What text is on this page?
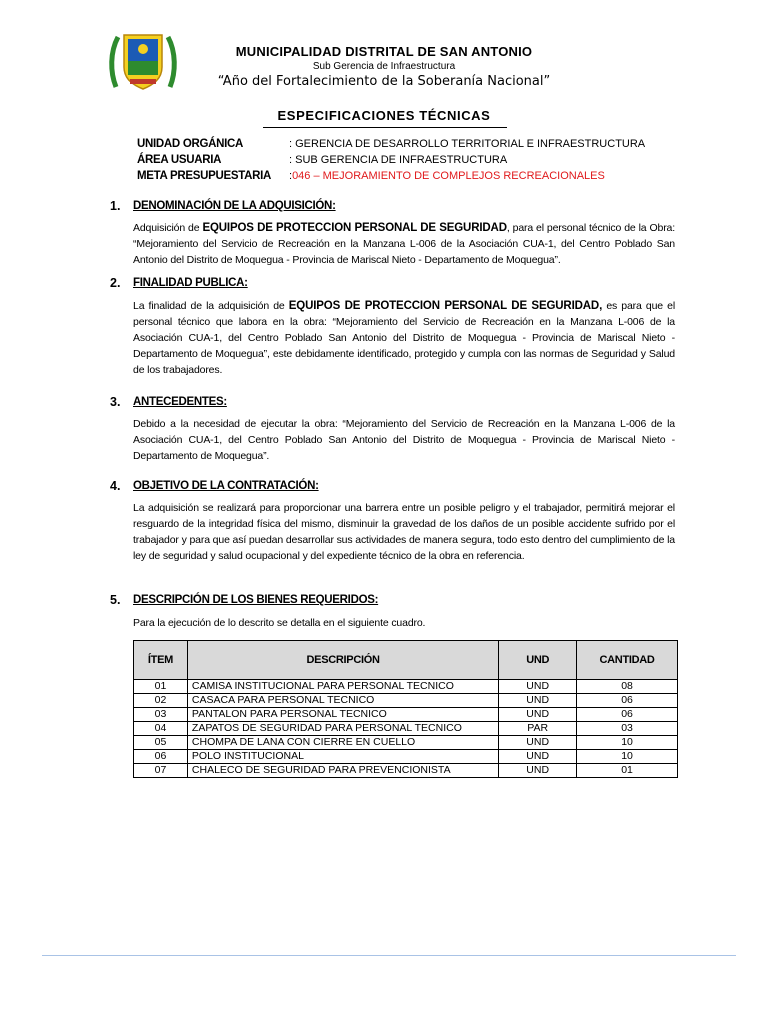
MUNICIPALIDAD DISTRITAL DE SAN ANTONIO
Sub Gerencia de Infraestructura
“Año del Fortalecimiento de la Soberanía Nacional”
ESPECIFICACIONES TÉCNICAS
UNIDAD ORGÁNICA	: GERENCIA DE DESARROLLO TERRITORIAL E INFRAESTRUCTURA
ÁREA USUARIA	: SUB GERENCIA DE INFRAESTRUCTURA
META PRESUPUESTARIA :046 – MEJORAMIENTO DE COMPLEJOS RECREACIONALES
1. DENOMINACIÓN DE LA ADQUISICIÓN:
Adquisición de EQUIPOS DE PROTECCION PERSONAL DE SEGURIDAD, para el personal técnico de la Obra: “Mejoramiento del Servicio de Recreación en la Manzana L-006 de la Asociación CUA-1, del Centro Poblado San Antonio del Distrito de Moquegua - Provincia de Mariscal Nieto - Departamento de Moquegua”.
2. FINALIDAD PUBLICA:
La finalidad de la adquisición de EQUIPOS DE PROTECCION PERSONAL DE SEGURIDAD, es para que el personal técnico que labora en la obra: “Mejoramiento del Servicio de Recreación en la Manzana L-006 de la Asociación CUA-1, del Centro Poblado San Antonio del Distrito de Moquegua - Provincia de Mariscal Nieto - Departamento de Moquegua”, este debidamente identificado, protegido y cumpla con las normas de Seguridad y Salud de los trabajadores.
3. ANTECEDENTES:
Debido a la necesidad de ejecutar la obra: “Mejoramiento del Servicio de Recreación en la Manzana L-006 de la Asociación CUA-1, del Centro Poblado San Antonio del Distrito de Moquegua - Provincia de Mariscal Nieto - Departamento de Moquegua”.
4. OBJETIVO DE LA CONTRATACIÓN:
La adquisición se realizará para proporcionar una barrera entre un posible peligro y el trabajador, permitirá mejorar el resguardo de la integridad física del mismo, disminuir la gravedad de los daños de un posible accidente sufrido por el trabajador y para que así puedan desarrollar sus actividades de manera segura, todo esto dentro del cumplimiento de la ley de seguridad y salud ocupacional y del expediente técnico de la obra en referencia.
5. DESCRIPCIÓN DE LOS BIENES REQUERIDOS:
Para la ejecución de lo descrito se detalla en el siguiente cuadro.
ÍTEM	DESCRIPCIÓN	UND	CANTIDAD
01	CAMISA INSTITUCIONAL PARA PERSONAL TECNICO	UND	08
02	CASACA PARA PERSONAL TECNICO	UND	06
03	PANTALON PARA PERSONAL TECNICO	UND	06
04	ZAPATOS DE SEGURIDAD PARA PERSONAL TECNICO	PAR	03
05	CHOMPA DE LANA CON CIERRE EN CUELLO	UND	10
06	POLO INSTITUCIONAL	UND	10
07	CHALECO DE SEGURIDAD PARA PREVENCIONISTA	UND	01
